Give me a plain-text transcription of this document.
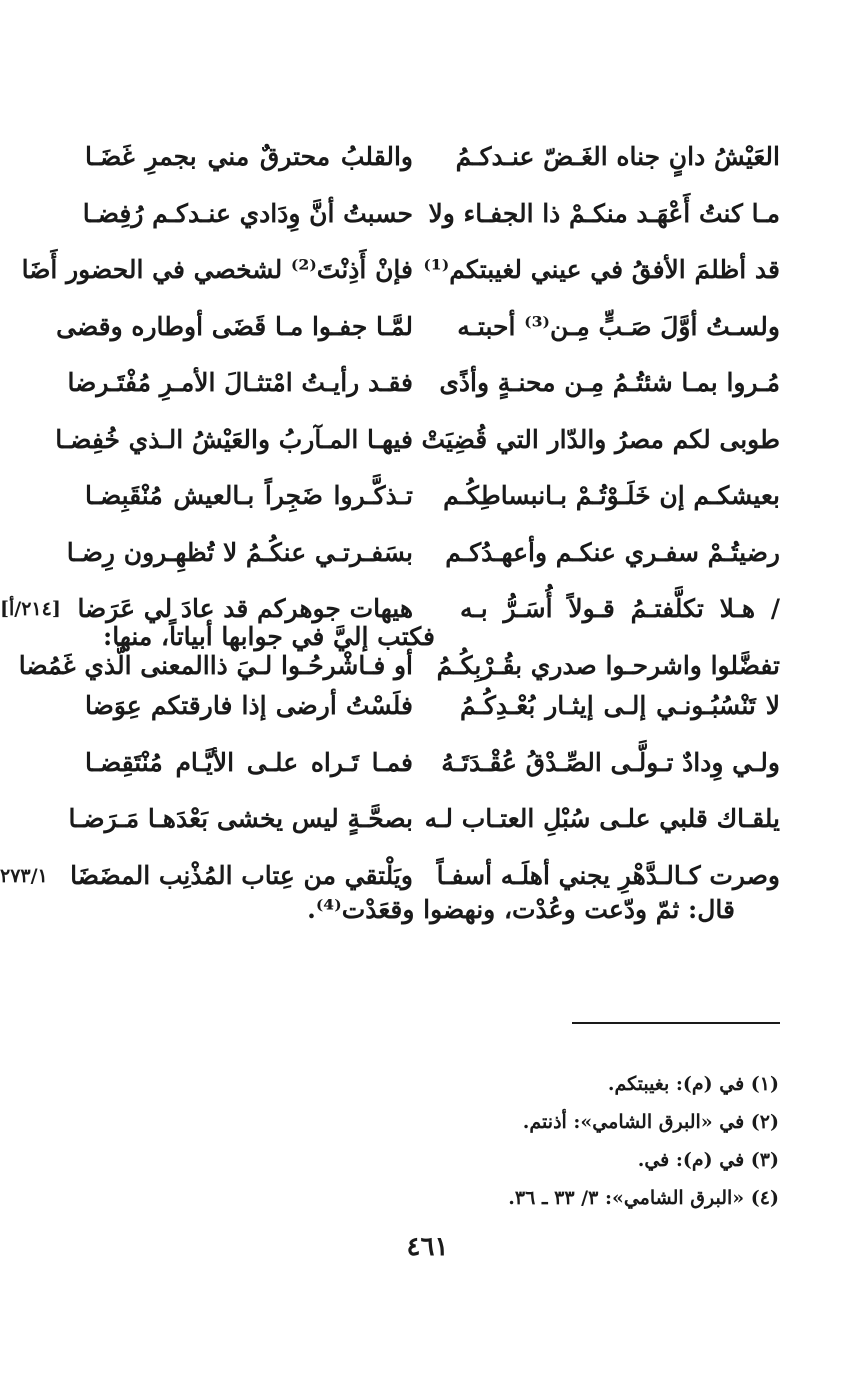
العَيْشُ دانٍ جناه الغَـضّ عنـدكـمُ
والقلبُ محترقٌ مني بجمرِ غَضَـا
مـا كنتُ أَعْهَـد منكـمْ ذا الجفـاء ولا
حسبتُ أنَّ وِدَادي عنـدكـم رُفِضـا
قد أظلمَ الأفقُ في عيني لغيبتكم⁽¹⁾
فإنْ أَذِنْتَ⁽²⁾ لشخصي في الحضور أَضَا
ولسـتُ أوَّلَ صَـبٍّ مِـن⁽³⁾ أحبتـه
لمَّـا جفـوا مـا قَضَى أوطاره وقضى
مُـروا بمـا شئتُـمُ مِـن محنـةٍ وأذًى
فقـد رأيـتُ امْتثـالَ الأمـرِ مُفْتَـرضا
طوبى لكم مصرُ والدّار التي قُضِيَتْ
فيهـا المـآربُ والعَيْشُ الـذي خُفِضـا
بعيشكـم إن خَلَـوْتُـمْ بـانبساطِكُـم
تـذكَّـروا ضَجِراً بـالعيش مُنْقَبِضـا
رضيتُـمْ سفـري عنكـم وأعهـدُكـم
بسَفـرتـي عنكُـمُ لا تُظهِـرون رِضـا
/ هـلا تكلَّفتـمُ قـولاً أُسَـرُّ بـه
هيهات جوهركم قد عادَ لي عَرَضا
[٢١٤/أ]
تفضَّلوا واشرحـوا صدري بقُـرْبِكُـمُ
أو فـاشْرحُـوا لـيَ ذاالمعنى الَّذي غَمُضا
فكتب إليَّ في جوابها أبياتاً، منها:
لا تَنْسُبُـونـي إلـى إيثـار بُعْـدِكُـمُ
فلَسْتُ أرضى إذا فارقتكم عِوَضا
ولـي وِدادٌ تـولَّـى الصِّـدْقُ عُقْـدَتَـهُ
فمـا تَـراه علـى الأيَّـام مُنْتَقِضـا
يلقـاك قلبي علـى سُبْلِ العتـاب لـه
بصحَّـةٍ ليس يخشى بَعْدَهـا مَـرَضـا
وصرت كـالـدَّهْرِ يجني أهلَـه أسفـاً
ويَلْتقي من عِتاب المُذْنِب المضَضَا
٢٧٣/١
قال: ثمّ ودّعت وعُدْت، ونهضوا وقعَدْت⁽⁴⁾.
(١) في (م): بغيبتكم.
(٢) في «البرق الشامي»: أذنتم.
(٣) في (م): في.
(٤) «البرق الشامي»: ٣/ ٣٣ ـ ٣٦.
٤٦١
